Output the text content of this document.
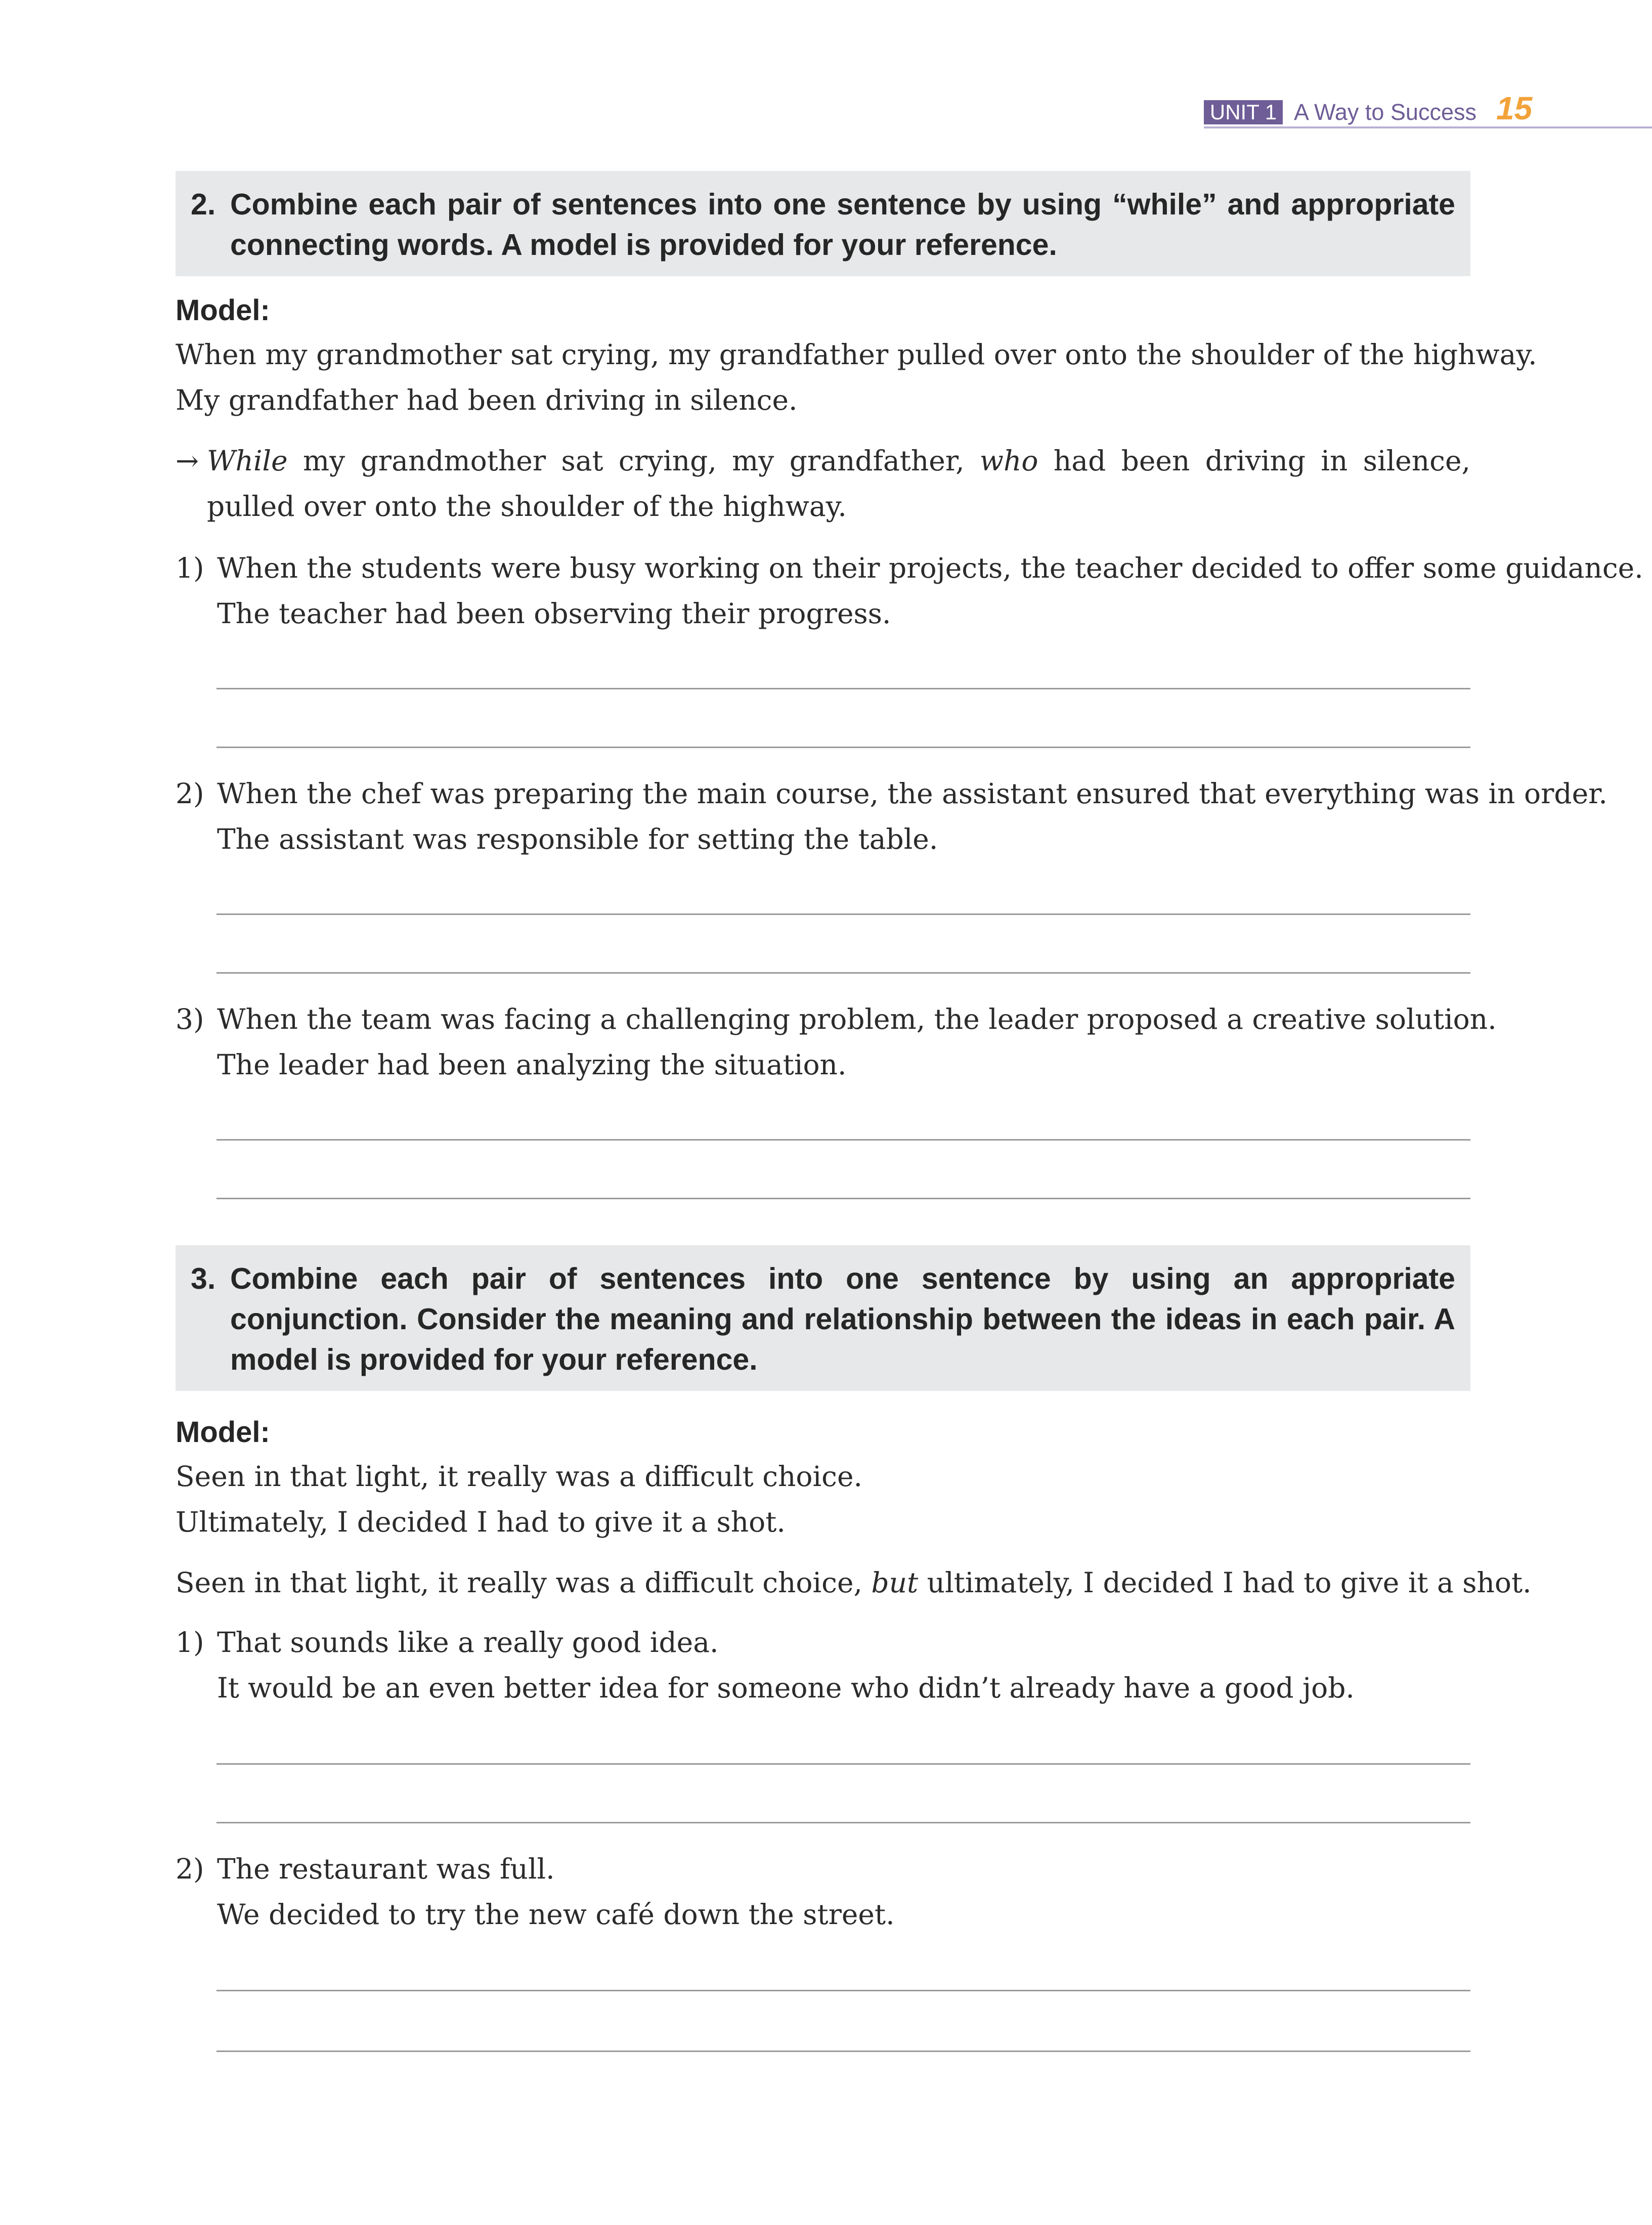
UNIT 1 A Way to Success 15
2. Combine each pair of sentences into one sentence by using “while” and appropriate connecting words. A model is provided for your reference.

Model:

When my grandmother sat crying, my grandfather pulled over onto the shoulder of the highway.

My grandfather had been driving in silence.

→ While my grandmother sat crying, my grandfather, who had been driving in silence, pulled over onto the shoulder of the highway.
1) When the students were busy working on their projects, the teacher decided to offer some guidance.

The teacher had been observing their progress.

2) When the chef was preparing the main course, the assistant ensured that everything was in order.

The assistant was responsible for setting the table.

3) When the team was facing a challenging problem, the leader proposed a creative solution.

The leader had been analyzing the situation.

3. Combine each pair of sentences into one sentence by using an appropriate conjunction. Consider the meaning and relationship between the ideas in each pair. A model is provided for your reference.

Model:

Seen in that light, it really was a difficult choice.

Ultimately, I decided I had to give it a shot.

Seen in that light, it really was a difficult choice, but ultimately, I decided I had to give it a shot.

1) That sounds like a really good idea.

It would be an even better idea for someone who didn’t already have a good job.

2) The restaurant was full.

We decided to try the new café down the street.
